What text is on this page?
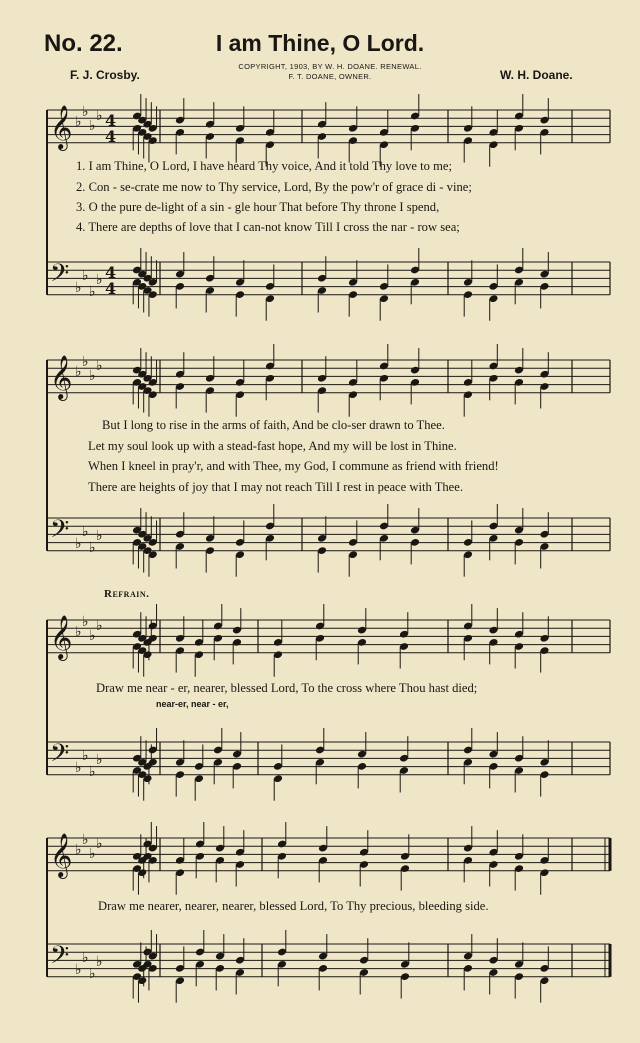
No. 22.	I am Thine, O Lord.
F. J. Crosby.
COPYRIGHT, 1903, BY W. H. DOANE. RENEWAL.
F. T. DOANE, OWNER.	W. H. Doane.
𝄞 ♭
♭
♭
♭ 4
4
𝄢 ♭
♭
♭
♭ 4
4
𝄞 ♭
♭
♭
♭
𝄢 ♭
♭
♭
♭
𝄞 ♭
♭
♭
♭
𝄢 ♭
♭
♭
♭
𝄞 ♭
♭
♭
♭
𝄢 ♭
♭
♭
♭
1. I am Thine, O Lord, I have heard Thy voice, And it told Thy love to me;
2. Con - se-crate me now to Thy service, Lord, By the pow'r of grace di - vine;
3. O the pure de-light of a sin - gle hour That before Thy throne I spend,
4. There are depths of love that I can-not know Till I cross the nar - row sea;
But I long to rise in the arms of faith, And be clo-ser drawn to Thee.
Let my soul look up with a stead-fast hope, And my will be lost in Thine.
When I kneel in pray'r, and with Thee, my God, I commune as friend with friend!
There are heights of joy that I may not reach Till I rest in peace with Thee.
Refrain.
Draw me near - er, nearer, blessed Lord, To the cross where Thou hast died;
near-er, near - er,
Draw me nearer, nearer, nearer, blessed Lord, To Thy precious, bleeding side.
